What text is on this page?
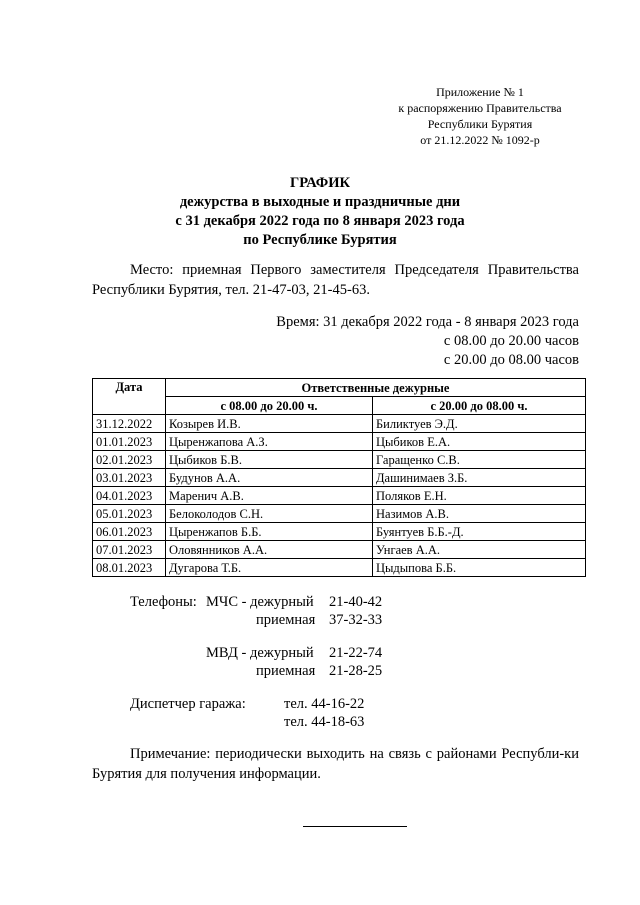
Приложение № 1
к распоряжению Правительства
Республики Бурятия
от 21.12.2022 № 1092-р
ГРАФИК
дежурства в выходные и праздничные дни
с 31 декабря 2022 года по 8 января 2023 года
по Республике Бурятия
Место: приемная Первого заместителя Председателя Правительства Республики Бурятия, тел. 21-47-03, 21-45-63.
Время: 31 декабря 2022 года - 8 января 2023 года
с 08.00 до 20.00 часов
с 20.00 до 08.00 часов
Дата	Ответственные дежурные	
	с 08.00 до 20.00 ч.	с 20.00 до 08.00 ч.
31.12.2022	Козырев И.В.	Биликтуев Э.Д.
01.01.2023	Цыренжапова А.З.	Цыбиков Е.А.
02.01.2023	Цыбиков Б.В.	Гаращенко С.В.
03.01.2023	Будунов А.А.	Дашинимаев З.Б.
04.01.2023	Маренич А.В.	Поляков Е.Н.
05.01.2023	Белоколодов С.Н.	Назимов А.В.
06.01.2023	Цыренжапов Б.Б.	Буянтуев Б.Б.-Д.
07.01.2023	Оловянников А.А.	Унгаев А.А.
08.01.2023	Дугарова Т.Б.	Цыдыпова Б.Б.
Телефоны: МЧС - дежурный 21-40-42
приемная 37-32-33
МВД - дежурный 21-22-74
приемная 21-28-25
Диспетчер гаража:	тел. 44-16-22
тел. 44-18-63
Примечание: периодически выходить на связь с районами Республи-ки Бурятия для получения информации.
